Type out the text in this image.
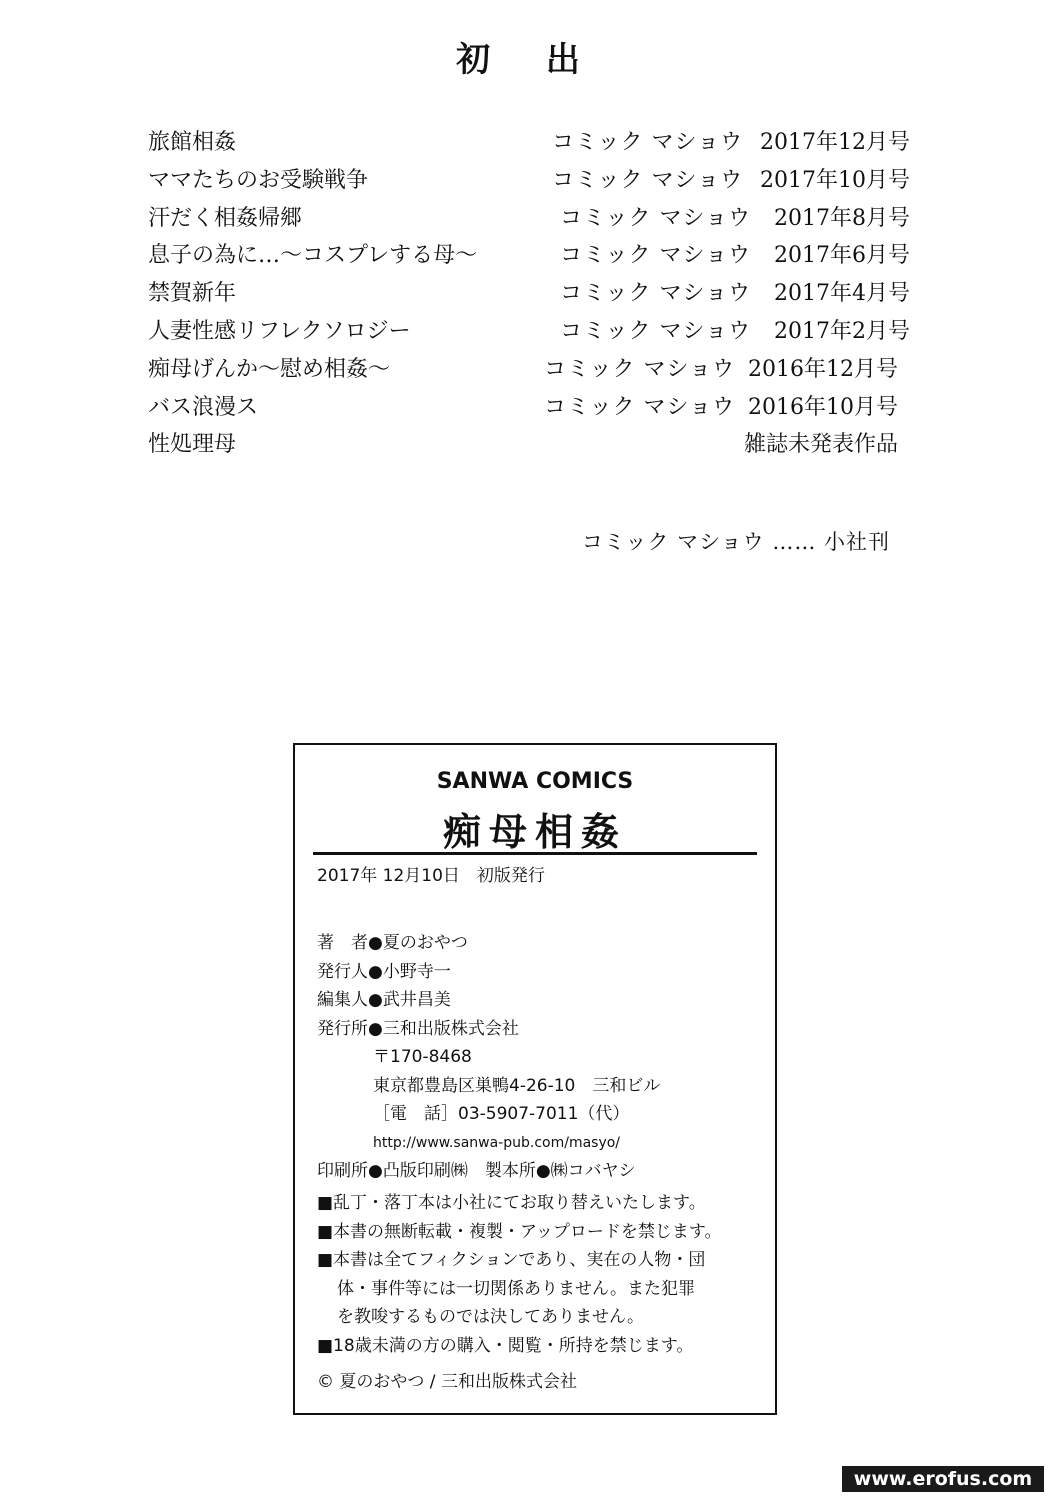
初 出
旅館相姦	コミック マショウ 2017年12月号
ママたちのお受験戦争	コミック マショウ 2017年10月号
汗だく相姦帰郷	コミック マショウ 2017年8月号
息子の為に…～コスプレする母～	コミック マショウ 2017年6月号
禁賀新年	コミック マショウ 2017年4月号
人妻性感リフレクソロジー	コミック マショウ 2017年2月号
痴母げんか～慰め相姦～	コミック マショウ 2016年12月号
バス浪漫ス	コミック マショウ 2016年10月号
性処理母	雑誌未発表作品
コミック マショウ …… 小社刊
SANWA COMICS
痴母相姦
2017年 12月10日　初版発行
著　者●夏のおやつ
発行人●小野寺一
編集人●武井昌美
発行所●三和出版株式会社
〒170-8468
東京都豊島区巣鴨4-26-10　三和ビル
［電　話］03-5907-7011（代）
http://www.sanwa-pub.com/masyo/
印刷所●凸版印刷㈱　製本所●㈱コバヤシ
■乱丁・落丁本は小社にてお取り替えいたします。
■本書の無断転載・複製・アップロードを禁じます。
■本書は全てフィクションであり、実在の人物・団
体・事件等には一切関係ありません。また犯罪
を教唆するものでは決してありません。
■18歳未満の方の購入・閲覧・所持を禁じます。
© 夏のおやつ / 三和出版株式会社
www.erofus.com
